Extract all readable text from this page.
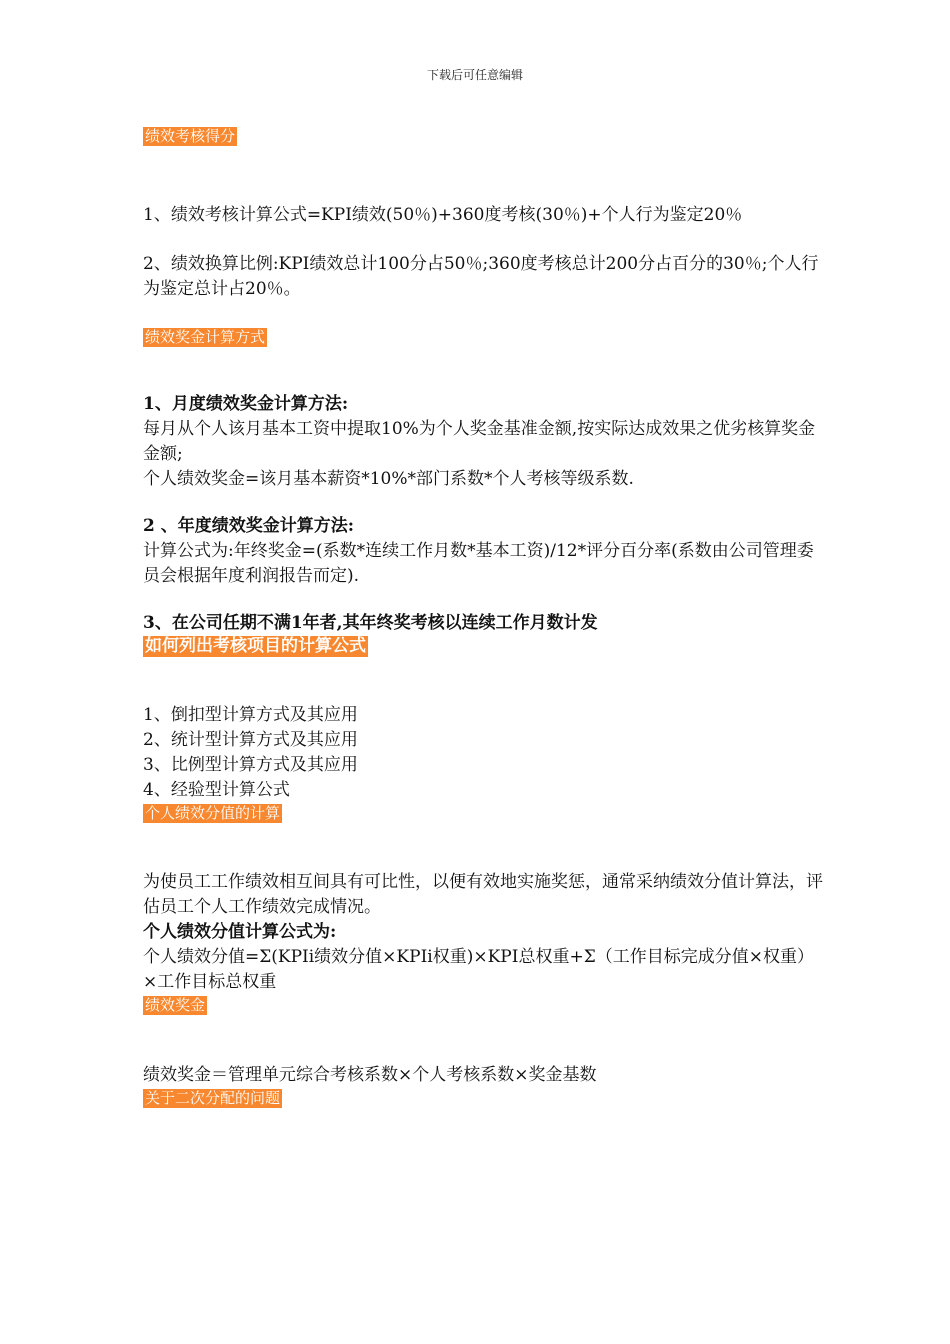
下载后可任意编辑
绩效考核得分

1、绩效考核计算公式=KPI绩效(50％)+360度考核(30％)+个人行为鉴定20％

2、绩效换算比例:KPI绩效总计100分占50％;360度考核总计200分占百分的30％;个人行为鉴定总计占20％。

绩效奖金计算方式

1、月度绩效奖金计算方法:

每月从个人该月基本工资中提取10%为个人奖金基准金额,按实际达成效果之优劣核算奖金金额;

个人绩效奖金=该月基本薪资*10%*部门系数*个人考核等级系数.

2 、年度绩效奖金计算方法:

计算公式为:年终奖金=(系数*连续工作月数*基本工资)/12*评分百分率(系数由公司管理委员会根据年度利润报告而定).

3、在公司任期不满1年者,其年终奖考核以连续工作月数计发

如何列出考核项目的计算公式

1、倒扣型计算方式及其应用

2、统计型计算方式及其应用

3、比例型计算方式及其应用

4、经验型计算公式

个人绩效分值的计算

为使员工工作绩效相互间具有可比性，以便有效地实施奖惩，通常采纳绩效分值计算法，评估员工个人工作绩效完成情况。

个人绩效分值计算公式为:

个人绩效分值=Σ(KPIi绩效分值×KPIi权重)×KPI总权重+Σ（工作目标完成分值×权重）×工作目标总权重

绩效奖金

绩效奖金＝管理单元综合考核系数×个人考核系数×奖金基数

关于二次分配的问题
